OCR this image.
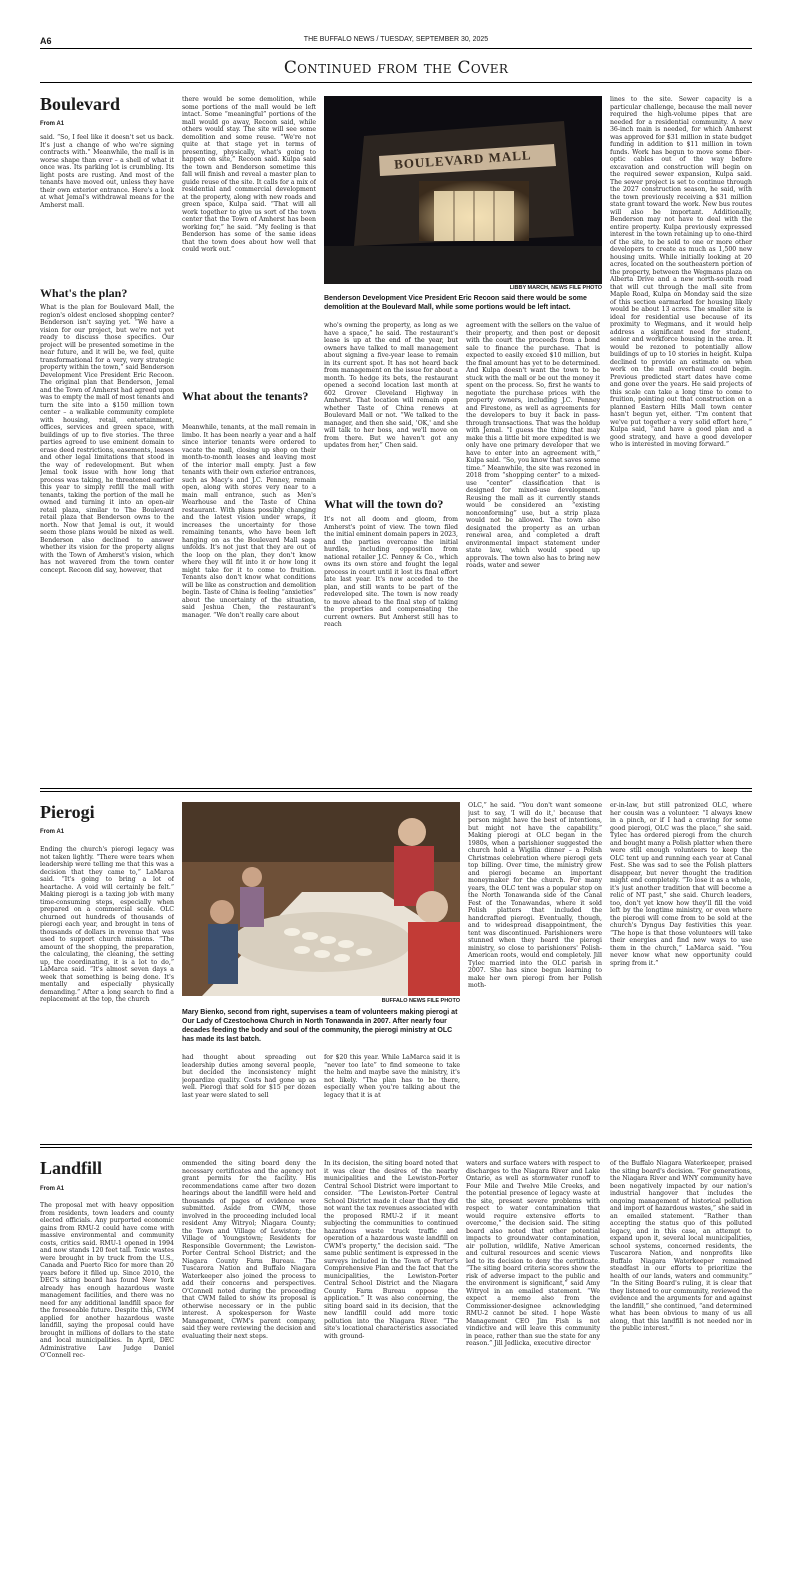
A6	THE BUFFALO NEWS / TUESDAY, SEPTEMBER 30, 2025
Continued from the Cover
Boulevard
From A1
said. “So, I feel like it doesn't set us back. It's just a change of who we're signing contracts with.” Meanwhile, the mall is in worse shape than ever – a shell of what it once was. Its parking lot is crumbling. Its light posts are rusting. And most of the tenants have moved out, unless they have their own exterior entrance. Here's a look at what Jemal's withdrawal means for the Amherst mall.
What's the plan?
What is the plan for Boulevard Mall, the region's oldest enclosed shopping center? Benderson isn't saying yet. “We have a vision for our project, but we're not yet ready to discuss those specifics. Our project will be presented sometime in the near future, and it will be, we feel, quite transformational for a very, very strategic property within the town,” said Benderson Development Vice President Eric Recoon. The original plan that Benderson, Jemal and the Town of Amherst had agreed upon was to empty the mall of most tenants and turn the site into a $150 million town center – a walkable community complete with housing, retail, entertainment, offices, services and green space, with buildings of up to five stories. The three parties agreed to use eminent domain to erase deed restrictions, easements, leases and other legal limitations that stood in the way of redevelopment. But when Jemal took issue with how long that process was taking, he threatened earlier this year to simply refill the mall with tenants, taking the portion of the mall he owned and turning it into an open-air retail plaza, similar to The Boulevard retail plaza that Benderson owns to the north. Now that Jemal is out, it would seem those plans would be nixed as well. Benderson also declined to answer whether its vision for the property aligns with the Town of Amherst's vision, which has not wavered from the town center concept. Recoon did say, however, that
there would be some demolition, while some portions of the mall would be left intact. Some “meaningful” portions of the mall would go away, Recoon said, while others would stay. The site will see some demolition and some reuse. “We're not quite at that stage yet in terms of presenting, physically, what's going to happen on site,” Recoon said. Kulpa said the town and Benderson sometime this fall will finish and reveal a master plan to guide reuse of the site. It calls for a mix of residential and commercial development at the property, along with new roads and green space, Kulpa said. “That will all work together to give us sort of the town center that the Town of Amherst has been working for,” he said. “My feeling is that Benderson has some of the same ideas that the town does about how well that could work out.”
What about the tenants?
Meanwhile, tenants, at the mall remain in limbo. It has been nearly a year and a half since interior tenants were ordered to vacate the mall, closing up shop on their month-to-month leases and leaving most of the interior mall empty. Just a few tenants with their own exterior entrances, such as Macy's and J.C. Penney, remain open, along with stores very near to a main mall entrance, such as Men's Wearhouse and the Taste of China restaurant. With plans possibly changing and the latest vision under wraps, it increases the uncertainty for those remaining tenants, who have been left hanging on as the Boulevard Mall saga unfolds. It's not just that they are out of the loop on the plan, they don't know where they will fit into it or how long it might take for it to come to fruition. Tenants also don't know what conditions will be like as construction and demolition begin. Taste of China is feeling “anxieties” about the uncertainty of the situation, said Jeshua Chen, the restaurant's manager. “We don't really care about
BOULEVARD MALL
LIBBY MARCH, NEWS FILE PHOTO
Benderson Development Vice President Eric Recoon said there would be some demolition at the Boulevard Mall, while some portions would be left intact.
who's owning the property, as long as we have a space,” he said. The restaurant's lease is up at the end of the year, but owners have talked to mall management about signing a five-year lease to remain in its current spot. It has not heard back from management on the issue for about a month. To hedge its bets, the restaurant opened a second location last month at 602 Grover Cleveland Highway in Amherst. That location will remain open whether Taste of China renews at Boulevard Mall or not. “We talked to the manager, and then she said, 'OK,' and she will talk to her boss, and we'll move on from there. But we haven't got any updates from her,” Chen said.
What will the town do?
It's not all doom and gloom, from Amherst's point of view. The town filed the initial eminent domain papers in 2023, and the parties overcame the initial hurdles, including opposition from national retailer J.C. Penney & Co., which owns its own store and fought the legal process in court until it lost its final effort late last year. It's now acceded to the plan, and still wants to be part of the redeveloped site. The town is now ready to move ahead to the final step of taking the properties and compensating the current owners. But Amherst still has to reach
agreement with the sellers on the value of their property, and then post or deposit with the court the proceeds from a bond sale to finance the purchase. That is expected to easily exceed $10 million, but the final amount has yet to be determined. And Kulpa doesn't want the town to be stuck with the mall or be out the money it spent on the process. So, first he wants to negotiate the purchase prices with the property owners, including J.C. Penney and Firestone, as well as agreements for the developers to buy it back in pass-through transactions. That was the holdup with Jemal. “I guess the thing that may make this a little bit more expedited is we only have one primary developer that we have to enter into an agreement with,” Kulpa said. “So, you know that saves some time.” Meanwhile, the site was rezoned in 2018 from “shopping center” to a mixed-use “center” classification that is designed for mixed-use development. Reusing the mall as it currently stands would be considered an “existing nonconforming” use, but a strip plaza would not be allowed. The town also designated the property as an urban renewal area, and completed a draft environmental impact statement under state law, which would speed up approvals. The town also has to bring new roads, water and sewer
lines to the site. Sewer capacity is a particular challenge, because the mall never required the high-volume pipes that are needed for a residential community. A new 36-inch main is needed, for which Amherst was approved for $31 million in state budget funding in addition to $11 million in town funds. Work has begun to move some fiber-optic cables out of the way before excavation and construction will begin on the required sewer expansion, Kulpa said. The sewer project is set to continue through the 2027 construction season, he said, with the town previously receiving a $31 million state grant toward the work. New bus routes will also be important. Additionally, Benderson may not have to deal with the entire property. Kulpa previously expressed interest in the town retaining up to one-third of the site, to be sold to one or more other developers to create as much as 1,500 new housing units. While initially looking at 20 acres, located on the southeastern portion of the property, between the Wegmans plaza on Alberta Drive and a new north-south road that will cut through the mall site from Maple Road, Kulpa on Monday said the size of this section earmarked for housing likely would be about 13 acres. The smaller site is ideal for residential use because of its proximity to Wegmans, and it would help address a significant need for student, senior and workforce housing in the area. It would be rezoned to potentially allow buildings of up to 10 stories in height. Kulpa declined to provide an estimate on when work on the mall overhaul could begin. Previous predicted start dates have come and gone over the years. He said projects of this scale can take a long time to come to fruition, pointing out that construction on a planned Eastern Hills Mall town center hasn't begun yet, either. “I'm content that we've put together a very solid effort here,” Kulpa said, “and have a good plan and a good strategy, and have a good developer who is interested in moving forward.”
Pierogi
From A1
Ending the church's pierogi legacy was not taken lightly. “There were tears when leadership were telling me that this was a decision that they came to,” LaMarca said. “It's going to bring a lot of heartache. A void will certainly be felt.” Making pierogi is a taxing job with many time-consuming steps, especially when prepared on a commercial scale. OLC churned out hundreds of thousands of pierogi each year, and brought in tens of thousands of dollars in revenue that was used to support church missions. “The amount of the shopping, the preparation, the calculating, the cleaning, the setting up, the coordinating, it is a lot to do,” LaMarca said. “It's almost seven days a week that something is being done. It's mentally and especially physically demanding.” After a long search to find a replacement at the top, the church	BUFFALO NEWS FILE PHOTO
Mary Bienko, second from right, supervises a team of volunteers making pierogi at Our Lady of Czestochowa Church in North Tonawanda in 2007. After nearly four decades feeding the body and soul of the community, the pierogi ministry at OLC has made its last batch.
had thought about spreading out leadership duties among several people, but decided the inconsistency might jeopardize quality. Costs had gone up as well. Pierogi that sold for $15 per dozen last year were slated to sell
for $20 this year. While LaMarca said it is “never too late” to find someone to take the helm and maybe save the ministry, it's not likely. “The plan has to be there, especially when you're talking about the legacy that it is at
OLC,” he said. “You don't want someone just to say, 'I will do it,' because that person might have the best of intentions, but might not have the capability.” Making pierogi at OLC began in the 1980s, when a parishioner suggested the church hold a Wigilia dinner – a Polish Christmas celebration where pierogi gets top billing. Over time, the ministry grew and pierogi became an important moneymaker for the church. For many years, the OLC tent was a popular stop on the North Tonawanda side of the Canal Fest of the Tonawandas, where it sold Polish platters that included the handcrafted pierogi. Eventually, though, and to widespread disappointment, the tent was discontinued. Parishioners were stunned when they heard the pierogi ministry, so close to parishioners' Polish-American roots, would end completely. Jill Tylec married into the OLC parish in 2007. She has since begun learning to make her own pierogi from her Polish moth-
er-in-law, but still patronized OLC, where her cousin was a volunteer. “I always knew in a pinch, or if I had a craving for some good pierogi, OLC was the place,” she said. Tylec has ordered pierogi from the church and bought many a Polish platter when there were still enough volunteers to keep the OLC tent up and running each year at Canal Fest. She was sad to see the Polish platters disappear, but never thought the tradition might end completely. “To lose it as a whole, it's just another tradition that will become a relic of NT past,” she said. Church leaders, too, don't yet know how they'll fill the void left by the longtime ministry, or even where the pierogi will come from to be sold at the church's Dyngus Day festivities this year. “The hope is that those volunteers will take their energies and find new ways to use them in the church,” LaMarca said. “You never know what new opportunity could spring from it.”
Landfill
From A1
The proposal met with heavy opposition from residents, town leaders and county elected officials. Any purported economic gains from RMU-2 could have come with massive environmental and community costs, critics said. RMU-1 opened in 1994 and now stands 120 feet tall. Toxic wastes were brought in by truck from the U.S., Canada and Puerto Rico for more than 20 years before it filled up. Since 2010, the DEC's siting board has found New York already has enough hazardous waste management facilities, and there was no need for any additional landfill space for the foreseeable future. Despite this, CWM applied for another hazardous waste landfill, saying the proposal could have brought in millions of dollars to the state and local municipalities. In April, DEC Administrative Law Judge Daniel O'Connell rec-
ommended the siting board deny the necessary certificates and the agency not grant permits for the facility. His recommendations came after two dozen hearings about the landfill were held and thousands of pages of evidence were submitted. Aside from CWM, those involved in the proceeding included local resident Amy Witryol; Niagara County; the Town and Village of Lewiston; the Village of Youngstown; Residents for Responsible Government; the Lewiston-Porter Central School District; and the Niagara County Farm Bureau. The Tuscarora Nation and Buffalo Niagara Waterkeeper also joined the process to add their concerns and perspectives. O'Connell noted during the proceeding that CWM failed to show its proposal is otherwise necessary or in the public interest. A spokesperson for Waste Management, CWM's parent company, said they were reviewing the decision and evaluating their next steps.
In its decision, the siting board noted that it was clear the desires of the nearby municipalities and the Lewiston-Porter Central School District were important to consider. “The Lewiston-Porter Central School District made it clear that they did not want the tax revenues associated with the proposed RMU-2 if it meant subjecting the communities to continued hazardous waste truck traffic and operation of a hazardous waste landfill on CWM's property,” the decision said. “The same public sentiment is expressed in the surveys included in the Town of Porter's Comprehensive Plan and the fact that the municipalities, the Lewiston-Porter Central School District and the Niagara County Farm Bureau oppose the application.” It was also concerning, the siting board said in its decision, that the new landfill could add more toxic pollution into the Niagara River. “The site's locational characteristics associated with ground-
waters and surface waters with respect to discharges to the Niagara River and Lake Ontario, as well as stormwater runoff to Four Mile and Twelve Mile Creeks, and the potential presence of legacy waste at the site, present severe problems with respect to water contamination that would require extensive efforts to overcome,” the decision said. The siting board also noted that other potential impacts to groundwater contamination, air pollution, wildlife, Native American and cultural resources and scenic views led to its decision to deny the certificate. “The siting board criteria scores show the risk of adverse impact to the public and the environment is significant,” said Amy Witryol in an emailed statement. “We expect a memo also from the Commissioner-designee acknowledging RMU-2 cannot be sited. I hope Waste Management CEO Jim Fish is not vindictive and will leave this community in peace, rather than sue the state for any reason.” Jill Jedlicka, executive director
of the Buffalo Niagara Waterkeeper, praised the siting board's decision. “For generations, the Niagara River and WNY community have been negatively impacted by our nation's industrial hangover that includes the ongoing management of historical pollution and import of hazardous wastes,” she said in an emailed statement. “Rather than accepting the status quo of this polluted legacy, and in this case, an attempt to expand upon it, several local municipalities, school systems, concerned residents, the Tuscarora Nation, and nonprofits like Buffalo Niagara Waterkeeper remained steadfast in our efforts to prioritize the health of our lands, waters and community.” “In the Siting Board's ruling, it is clear that they listened to our community, reviewed the evidence and the arguments for and against the landfill,” she continued, “and determined what has been obvious to many of us all along, that this landfill is not needed nor in the public interest.”
